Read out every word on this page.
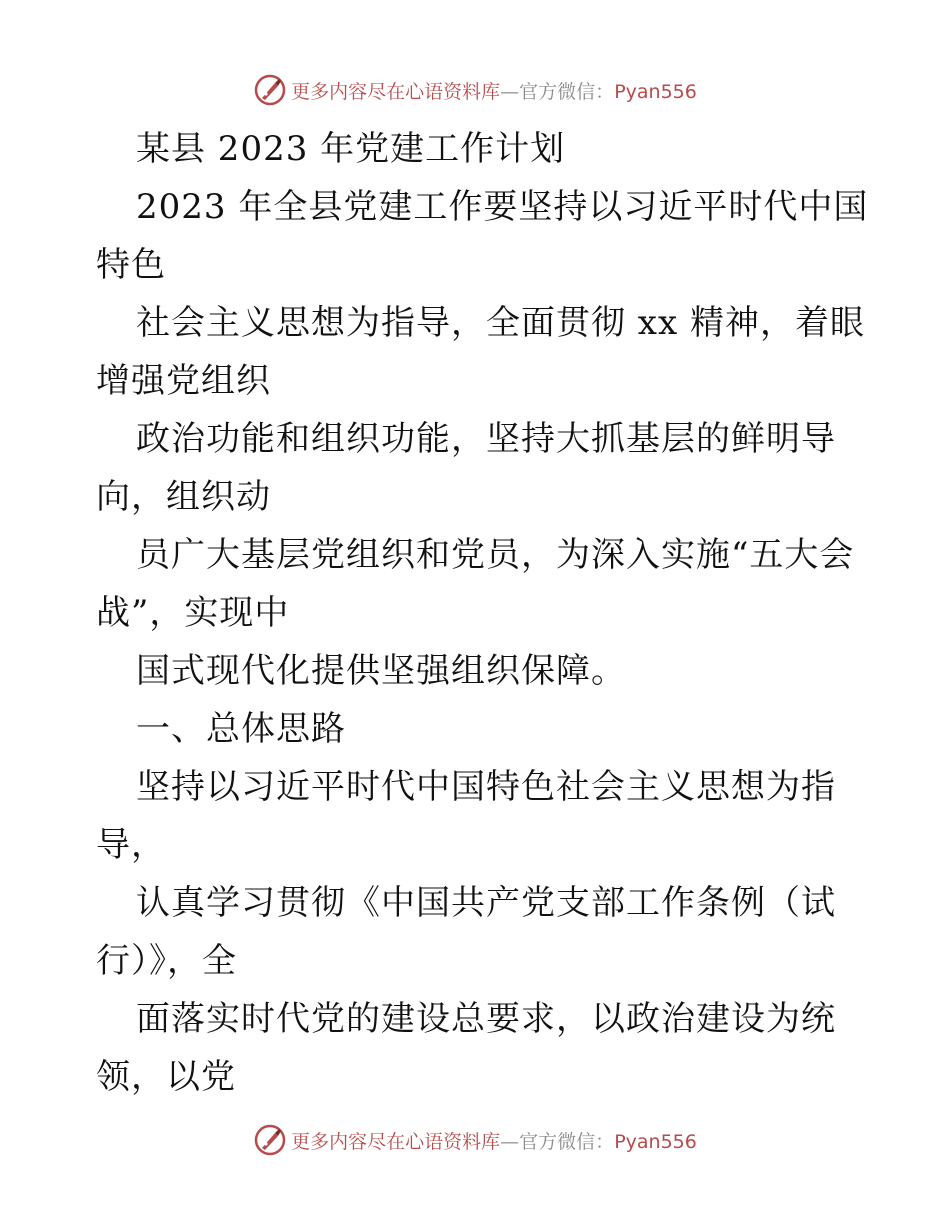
更多内容尽在心语资料库—官方微信：Pyan556
某县 2023 年党建工作计划
2023 年全县党建工作要坚持以习近平时代中国
特色
社会主义思想为指导，全面贯彻 xx 精神，着眼
增强党组织
政治功能和组织功能，坚持大抓基层的鲜明导
向，组织动
员广大基层党组织和党员，为深入实施“五大会
战”，实现中
国式现代化提供坚强组织保障。
一、总体思路
坚持以习近平时代中国特色社会主义思想为指
导，
认真学习贯彻《中国共产党支部工作条例（试
行）》，全
面落实时代党的建设总要求，以政治建设为统
领，以党
更多内容尽在心语资料库—官方微信：Pyan556
